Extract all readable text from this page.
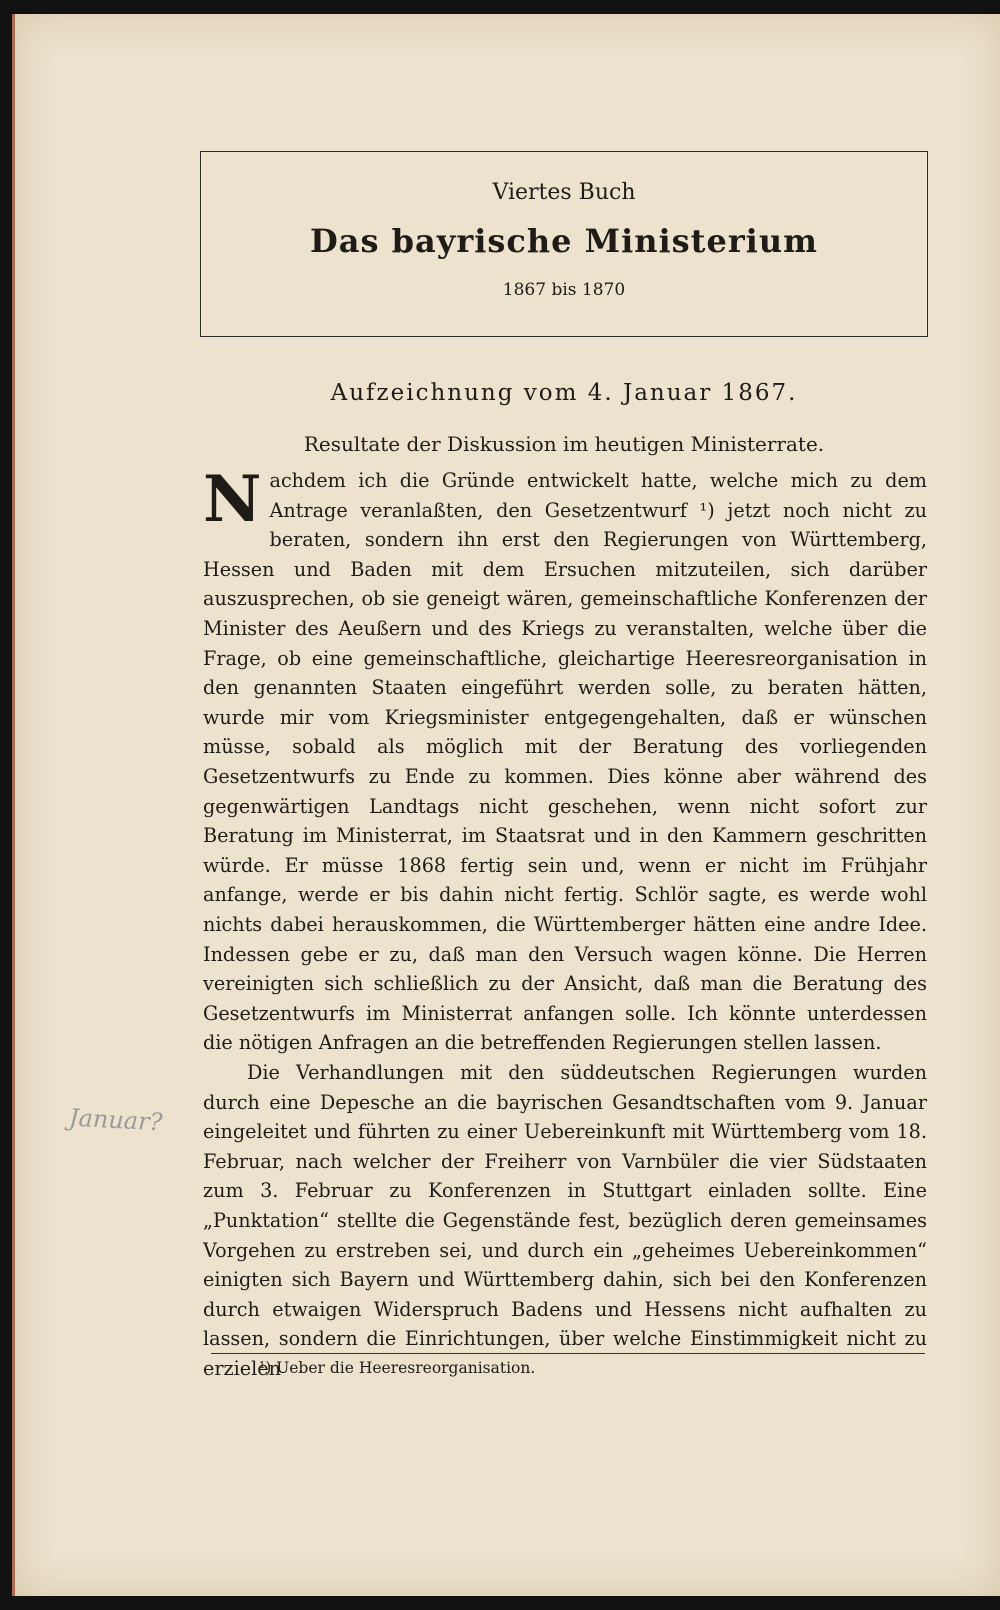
Viertes Buch
Das bayrische Ministerium
1867 bis 1870
Aufzeichnung vom 4. Januar 1867.
Resultate der Diskussion im heutigen Ministerrate.
Nachdem ich die Gründe entwickelt hatte, welche mich zu dem Antrage veranlaßten, den Gesetzentwurf ¹) jetzt noch nicht zu beraten, sondern ihn erst den Regierungen von Württemberg, Hessen und Baden mit dem Ersuchen mitzuteilen, sich darüber auszusprechen, ob sie geneigt wären, gemeinschaftliche Konferenzen der Minister des Aeußern und des Kriegs zu veranstalten, welche über die Frage, ob eine gemeinschaftliche, gleichartige Heeresreorganisation in den genannten Staaten eingeführt werden solle, zu beraten hätten, wurde mir vom Kriegsminister entgegengehalten, daß er wünschen müsse, sobald als möglich mit der Beratung des vorliegenden Gesetzentwurfs zu Ende zu kommen. Dies könne aber während des gegenwärtigen Landtags nicht geschehen, wenn nicht sofort zur Beratung im Ministerrat, im Staatsrat und in den Kammern geschritten würde. Er müsse 1868 fertig sein und, wenn er nicht im Frühjahr anfange, werde er bis dahin nicht fertig. Schlör sagte, es werde wohl nichts dabei herauskommen, die Württemberger hätten eine andre Idee. Indessen gebe er zu, daß man den Versuch wagen könne. Die Herren vereinigten sich schließlich zu der Ansicht, daß man die Beratung des Gesetzentwurfs im Ministerrat anfangen solle. Ich könnte unterdessen die nötigen Anfragen an die betreffenden Regierungen stellen lassen.
Januar?
Die Verhandlungen mit den süddeutschen Regierungen wurden durch eine Depesche an die bayrischen Gesandtschaften vom 9. Januar eingeleitet und führten zu einer Uebereinkunft mit Württemberg vom 18. Februar, nach welcher der Freiherr von Varnbüler die vier Südstaaten zum 3. Februar zu Konferenzen in Stuttgart einladen sollte. Eine „Punktation“ stellte die Gegenstände fest, bezüglich deren gemeinsames Vorgehen zu erstreben sei, und durch ein „geheimes Uebereinkommen“ einigten sich Bayern und Württemberg dahin, sich bei den Konferenzen durch etwaigen Widerspruch Badens und Hessens nicht aufhalten zu lassen, sondern die Einrichtungen, über welche Einstimmigkeit nicht zu erzielen
¹) Ueber die Heeresreorganisation.
